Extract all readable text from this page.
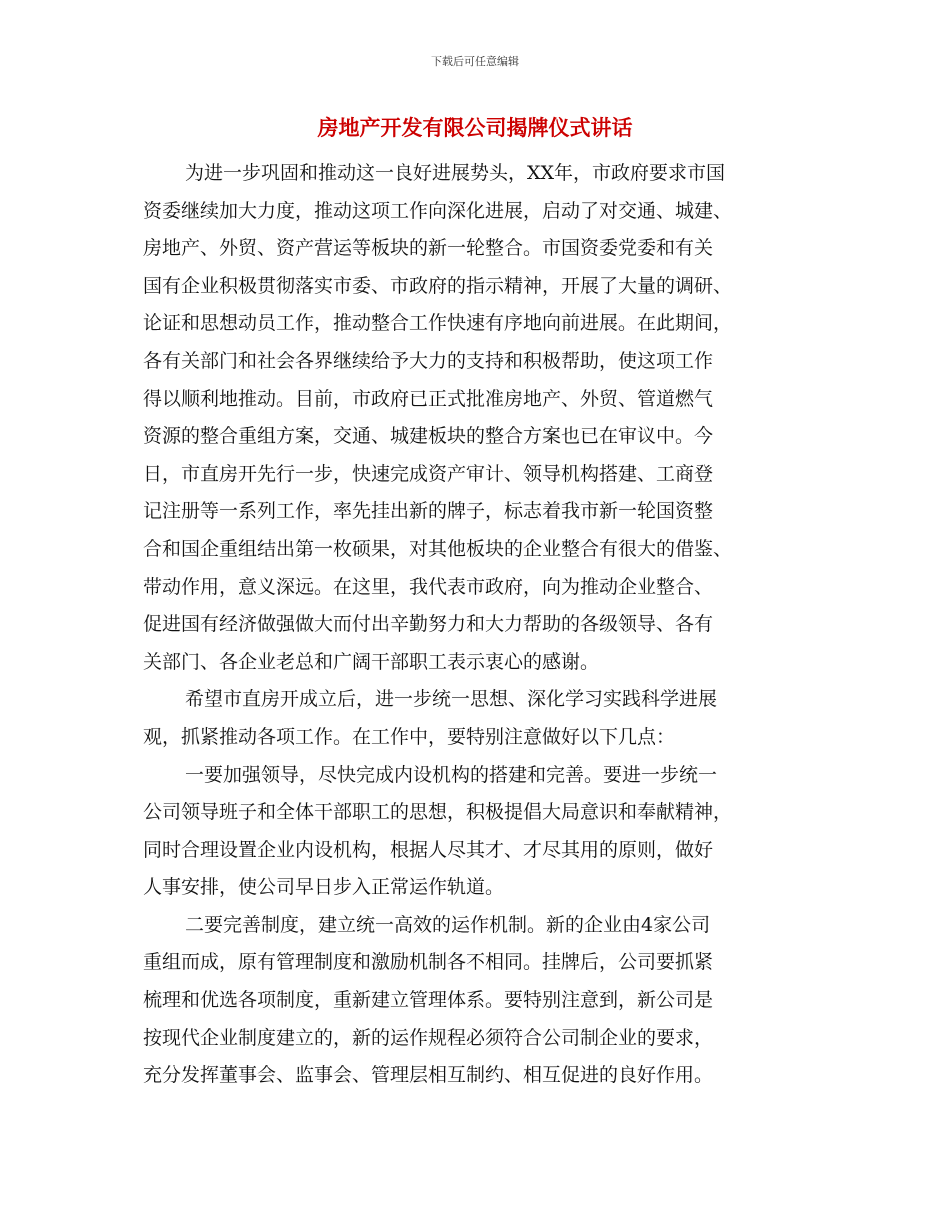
下载后可任意编辑
房地产开发有限公司揭牌仪式讲话
为进一步巩固和推动这一良好进展势头，XX年，市政府要求市国
资委继续加大力度，推动这项工作向深化进展，启动了对交通、城建、
房地产、外贸、资产营运等板块的新一轮整合。市国资委党委和有关
国有企业积极贯彻落实市委、市政府的指示精神，开展了大量的调研、
论证和思想动员工作，推动整合工作快速有序地向前进展。在此期间，
各有关部门和社会各界继续给予大力的支持和积极帮助，使这项工作
得以顺利地推动。目前，市政府已正式批准房地产、外贸、管道燃气
资源的整合重组方案，交通、城建板块的整合方案也已在审议中。今
日，市直房开先行一步，快速完成资产审计、领导机构搭建、工商登
记注册等一系列工作，率先挂出新的牌子，标志着我市新一轮国资整
合和国企重组结出第一枚硕果，对其他板块的企业整合有很大的借鉴、
带动作用，意义深远。在这里，我代表市政府，向为推动企业整合、
促进国有经济做强做大而付出辛勤努力和大力帮助的各级领导、各有
关部门、各企业老总和广阔干部职工表示衷心的感谢。
希望市直房开成立后，进一步统一思想、深化学习实践科学进展
观，抓紧推动各项工作。在工作中，要特别注意做好以下几点：
一要加强领导，尽快完成内设机构的搭建和完善。要进一步统一
公司领导班子和全体干部职工的思想，积极提倡大局意识和奉献精神，
同时合理设置企业内设机构，根据人尽其才、才尽其用的原则，做好
人事安排，使公司早日步入正常运作轨道。
二要完善制度，建立统一高效的运作机制。新的企业由4家公司
重组而成，原有管理制度和激励机制各不相同。挂牌后，公司要抓紧
梳理和优选各项制度，重新建立管理体系。要特别注意到，新公司是
按现代企业制度建立的，新的运作规程必须符合公司制企业的要求，
充分发挥董事会、监事会、管理层相互制约、相互促进的良好作用。
